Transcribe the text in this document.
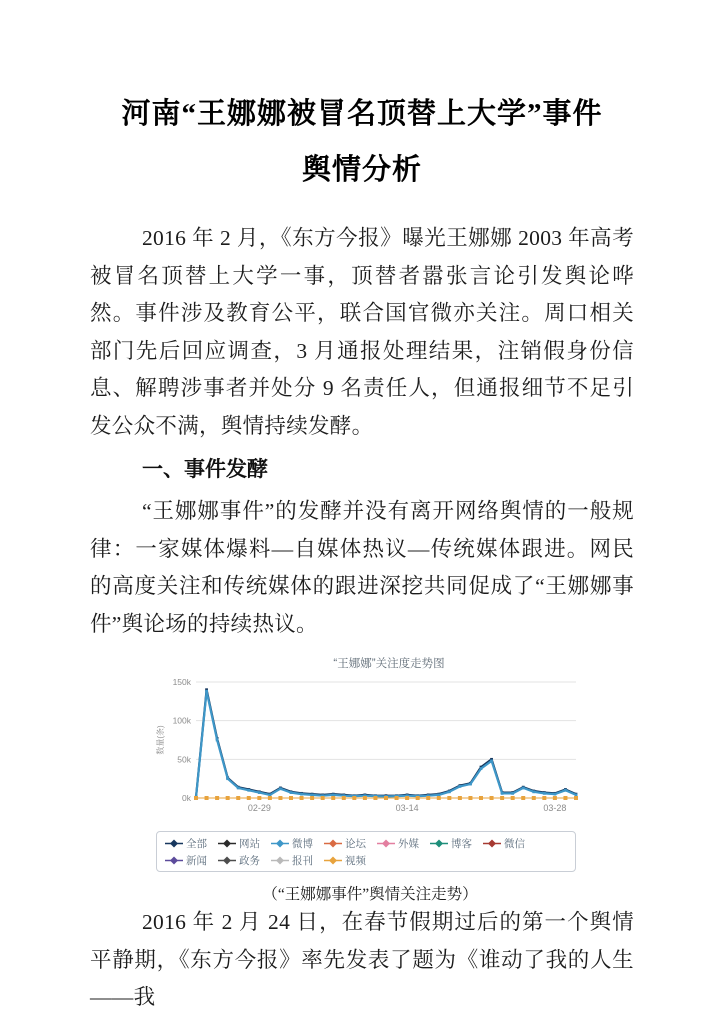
河南“王娜娜被冒名顶替上大学”事件
舆情分析

2016 年 2 月，《东方今报》曝光王娜娜 2003 年高考被冒名顶替上大学一事，顶替者嚣张言论引发舆论哗然。事件涉及教育公平，联合国官微亦关注。周口相关部门先后回应调查，3 月通报处理结果，注销假身份信息、解聘涉事者并处分 9 名责任人，但通报细节不足引发公众不满，舆情持续发酵。

一、事件发酵

“王娜娜事件”的发酵并没有离开网络舆情的一般规律：一家媒体爆料—自媒体热议—传统媒体跟进。网民的高度关注和传统媒体的跟进深挖共同促成了“王娜娜事件”舆论场的持续热议。

“王娜娜”关注度走势图
0k
50k
100k
150k
数量(条)
02-29	03-14	03-28
全部	网站	微博	论坛	外媒	博客	微信
新闻	政务	报刊	视频
（“王娜娜事件”舆情关注走势）

2016 年 2 月 24 日，在春节假期过后的第一个舆情平静期，《东方今报》率先发表了题为《谁动了我的人生——我
